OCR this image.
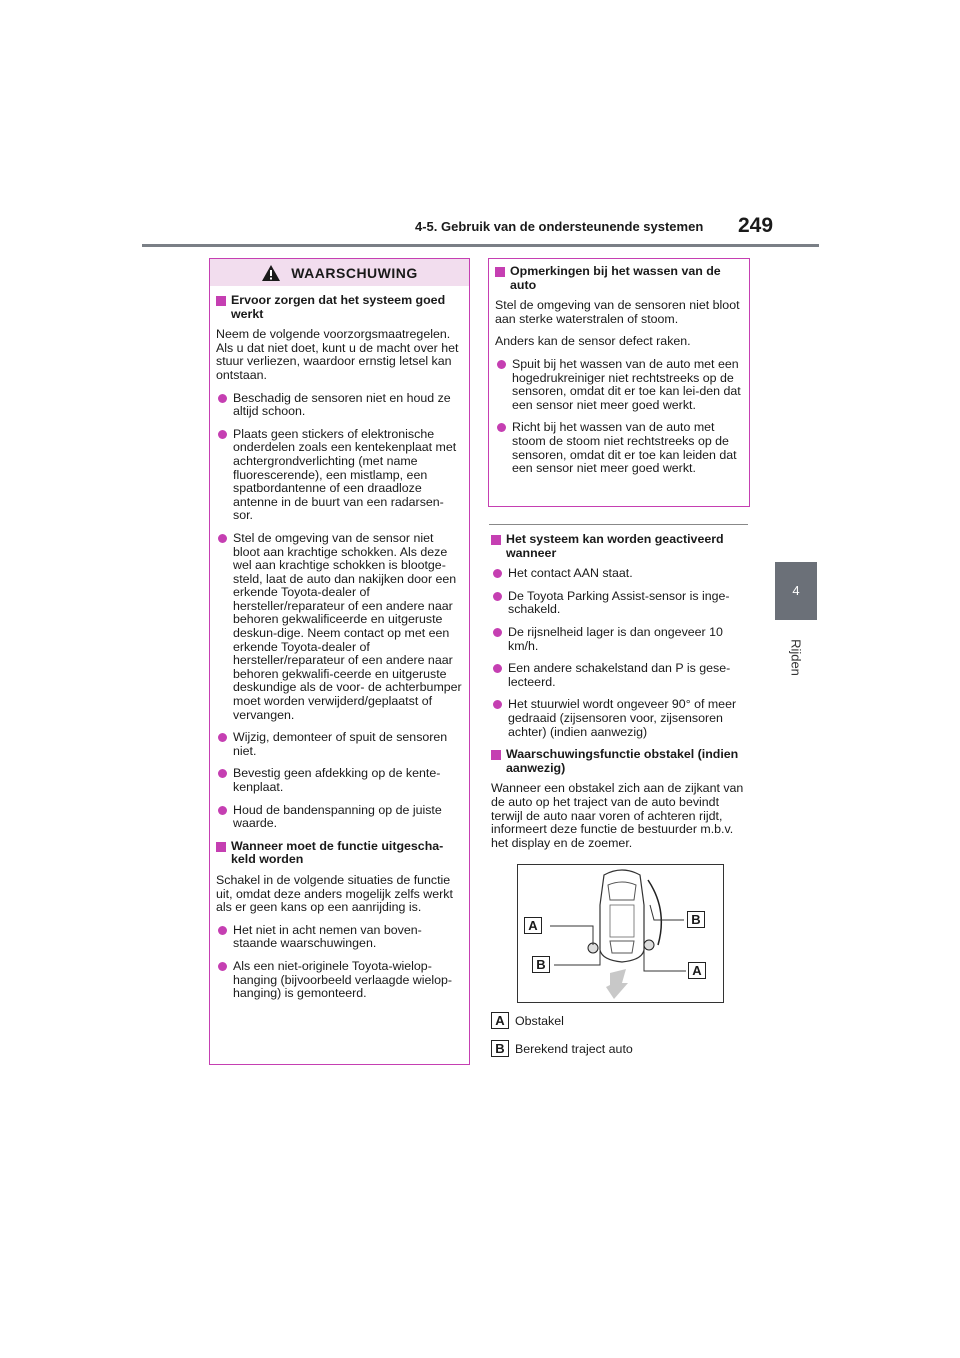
4-5. Gebruik van de ondersteunende systemen 249
4
Rijden
WAARSCHUWING
Ervoor zorgen dat het systeem goed werkt
Neem de volgende voorzorgsmaatregelen. Als u dat niet doet, kunt u de macht over het stuur verliezen, waardoor ernstig letsel kan ontstaan.
Beschadig de sensoren niet en houd ze altijd schoon.
Plaats geen stickers of elektronische onderdelen zoals een kentekenplaat met achtergrondverlichting (met name fluorescerende), een mistlamp, een spatbordantenne of een draadloze antenne in de buurt van een radarsen-sor.
Stel de omgeving van de sensor niet bloot aan krachtige schokken. Als deze wel aan krachtige schokken is blootge-steld, laat de auto dan nakijken door een erkende Toyota-dealer of hersteller/reparateur of een andere naar behoren gekwalificeerde en uitgeruste deskun-dige. Neem contact op met een erkende Toyota-dealer of hersteller/reparateur of een andere naar behoren gekwalifi-ceerde en uitgeruste deskundige als de voor- de achterbumper moet worden verwijderd/geplaatst of vervangen.
Wijzig, demonteer of spuit de sensoren niet.
Bevestig geen afdekking op de kente-kenplaat.
Houd de bandenspanning op de juiste waarde.
Wanneer moet de functie uitgescha-keld worden
Schakel in de volgende situaties de functie uit, omdat deze anders mogelijk zelfs werkt als er geen kans op een aanrijding is.
Het niet in acht nemen van boven-staande waarschuwingen.
Als een niet-originele Toyota-wielop-hanging (bijvoorbeeld verlaagde wielop-hanging) is gemonteerd.
Opmerkingen bij het wassen van de auto
Stel de omgeving van de sensoren niet bloot aan sterke waterstralen of stoom.
Anders kan de sensor defect raken.
Spuit bij het wassen van de auto met een hogedrukreiniger niet rechtstreeks op de sensoren, omdat dit er toe kan lei-den dat een sensor niet meer goed werkt.
Richt bij het wassen van de auto met stoom de stoom niet rechtstreeks op de sensoren, omdat dit er toe kan leiden dat een sensor niet meer goed werkt.
Het systeem kan worden geactiveerd wanneer
Het contact AAN staat.
De Toyota Parking Assist-sensor is inge-schakeld.
De rijsnelheid lager is dan ongeveer 10 km/h.
Een andere schakelstand dan P is gese-lecteerd.
Het stuurwiel wordt ongeveer 90° of meer gedraaid (zijsensoren voor, zijsensoren achter) (indien aanwezig)
Waarschuwingsfunctie obstakel (indien aanwezig)
Wanneer een obstakel zich aan de zijkant van de auto op het traject van de auto bevindt terwijl de auto naar voren of achteren rijdt, informeert deze functie de bestuurder m.b.v. het display en de zoemer.
A	B
B	A
A Obstakel
B Berekend traject auto
